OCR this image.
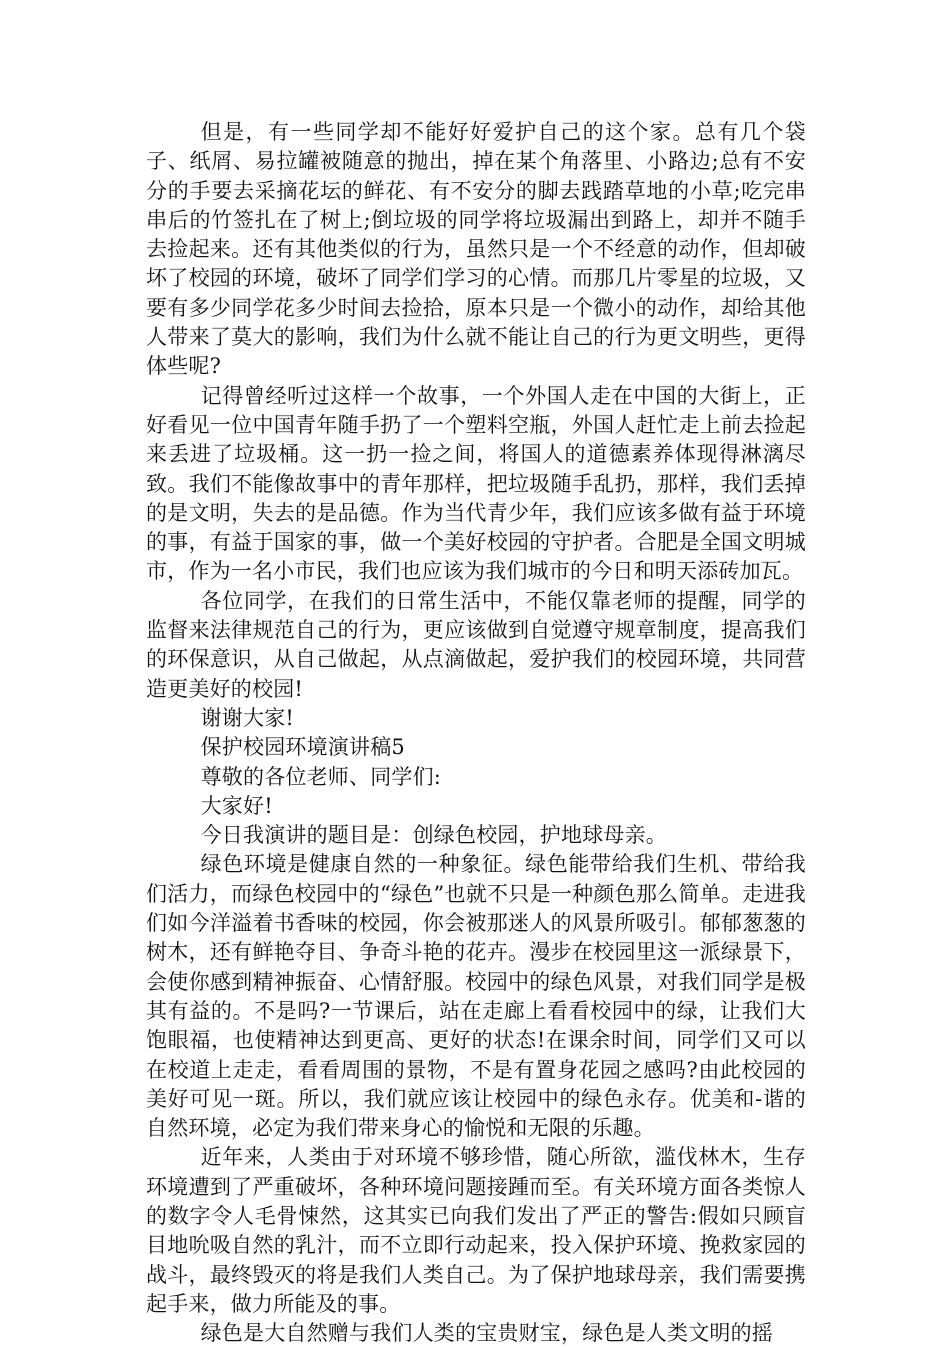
但是，有一些同学却不能好好爱护自己的这个家。总有几个袋子、纸屑、易拉罐被随意的抛出，掉在某个角落里、小路边;总有不安分的手要去采摘花坛的鲜花、有不安分的脚去践踏草地的小草;吃完串串后的竹签扎在了树上;倒垃圾的同学将垃圾漏出到路上，却并不随手去捡起来。还有其他类似的行为，虽然只是一个不经意的动作，但却破坏了校园的环境，破坏了同学们学习的心情。而那几片零星的垃圾，又要有多少同学花多少时间去捡拾，原本只是一个微小的动作，却给其他人带来了莫大的影响，我们为什么就不能让自己的行为更文明些，更得体些呢?

记得曾经听过这样一个故事，一个外国人走在中国的大街上，正好看见一位中国青年随手扔了一个塑料空瓶，外国人赶忙走上前去捡起来丢进了垃圾桶。这一扔一捡之间，将国人的道德素养体现得淋漓尽致。我们不能像故事中的青年那样，把垃圾随手乱扔，那样，我们丢掉的是文明，失去的是品德。作为当代青少年，我们应该多做有益于环境的事，有益于国家的事，做一个美好校园的守护者。合肥是全国文明城市，作为一名小市民，我们也应该为我们城市的今日和明天添砖加瓦。

各位同学，在我们的日常生活中，不能仅靠老师的提醒，同学的监督来法律规范自己的行为，更应该做到自觉遵守规章制度，提高我们的环保意识，从自己做起，从点滴做起，爱护我们的校园环境，共同营造更美好的校园!

谢谢大家!

保护校园环境演讲稿5

尊敬的各位老师、同学们:

大家好!

今日我演讲的题目是：创绿色校园，护地球母亲。

绿色环境是健康自然的一种象征。绿色能带给我们生机、带给我们活力，而绿色校园中的“绿色”也就不只是一种颜色那么简单。走进我们如今洋溢着书香味的校园，你会被那迷人的风景所吸引。郁郁葱葱的树木，还有鲜艳夺目、争奇斗艳的花卉。漫步在校园里这一派绿景下，会使你感到精神振奋、心情舒服。校园中的绿色风景，对我们同学是极其有益的。不是吗?一节课后，站在走廊上看看校园中的绿，让我们大饱眼福，也使精神达到更高、更好的状态!在课余时间，同学们又可以在校道上走走，看看周围的景物，不是有置身花园之感吗?由此校园的美好可见一斑。所以，我们就应该让校园中的绿色永存。优美和-谐的自然环境，必定为我们带来身心的愉悦和无限的乐趣。

近年来，人类由于对环境不够珍惜，随心所欲，滥伐林木，生存环境遭到了严重破坏，各种环境问题接踵而至。有关环境方面各类惊人的数字令人毛骨悚然，这其实已向我们发出了严正的警告:假如只顾盲目地吮吸自然的乳汁，而不立即行动起来，投入保护环境、挽救家园的战斗，最终毁灭的将是我们人类自己。为了保护地球母亲，我们需要携起手来，做力所能及的事。

绿色是大自然赠与我们人类的宝贵财宝，绿色是人类文明的摇
